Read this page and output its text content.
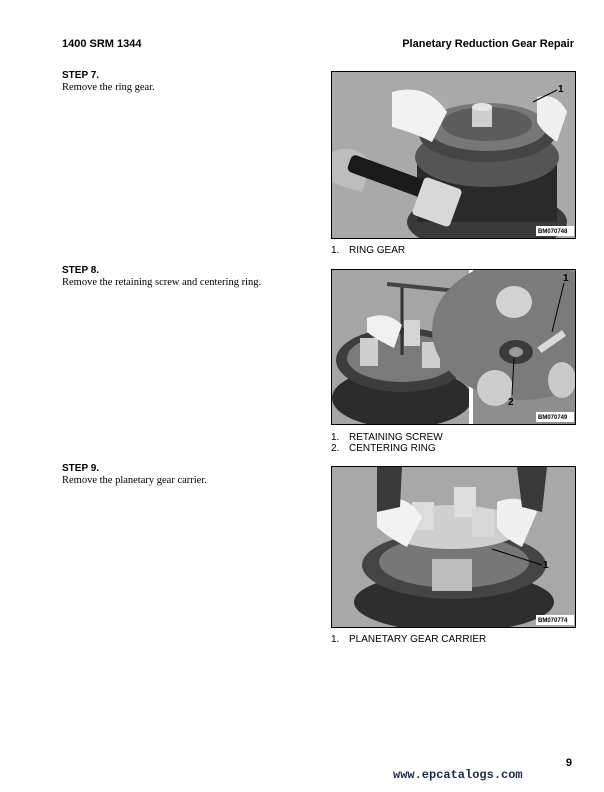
1400 SRM 1344	Planetary Reduction Gear Repair
STEP 7.
Remove the ring gear.	1
BM070748
1. RING GEAR
STEP 8.
Remove the retaining screw and centering ring.	1
2
BM070749
1. RETAINING SCREW
2. CENTERING RING
STEP 9.
Remove the planetary gear carrier.
1
BM070774
1. PLANETARY GEAR CARRIER
9
www.epcatalogs.com
